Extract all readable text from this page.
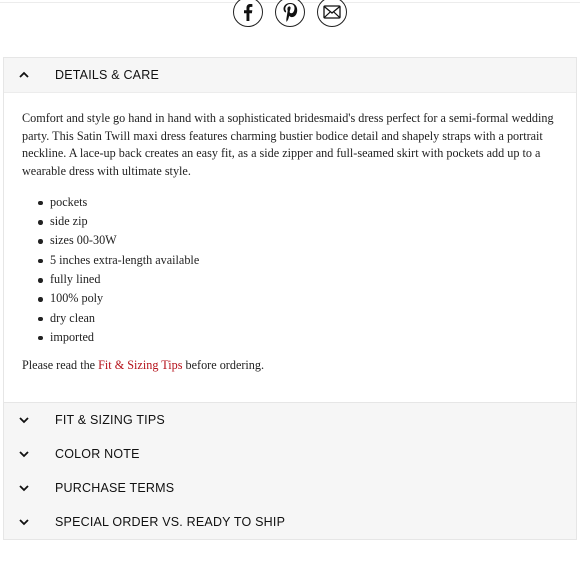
DETAILS & CARE

Comfort and style go hand in hand with a sophisticated bridesmaid's dress perfect for a semi-formal wedding party. This Satin Twill maxi dress features charming bustier bodice detail and shapely straps with a portrait neckline. A lace-up back creates an easy fit, as a side zipper and full-seamed skirt with pockets add up to a wearable dress with ultimate style.

pockets
side zip
sizes 00-30W
5 inches extra-length available
fully lined
100% poly
dry clean
imported

Please read the Fit & Sizing Tips before ordering.

FIT & SIZING TIPS
COLOR NOTE
PURCHASE TERMS
SPECIAL ORDER VS. READY TO SHIP
